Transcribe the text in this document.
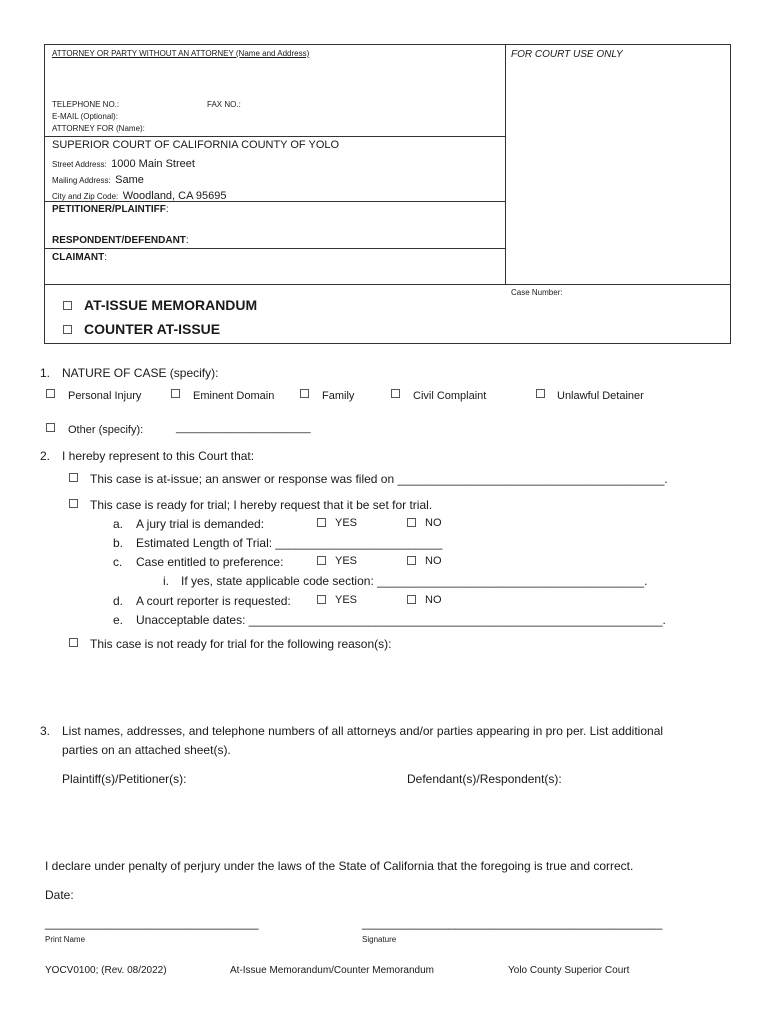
ATTORNEY OR PARTY WITHOUT AN ATTORNEY (Name and Address)	FOR COURT USE ONLY
TELEPHONE NO.:	FAX NO.:
E-MAIL (Optional):
ATTORNEY FOR (Name):
SUPERIOR COURT OF CALIFORNIA COUNTY OF YOLO
Street Address: 1000 Main Street
Mailing Address: Same
City and Zip Code: Woodland, CA 95695
PETITIONER/PLAINTIFF:
RESPONDENT/DEFENDANT:
CLAIMANT:
Case Number:
AT-ISSUE MEMORANDUM
COUNTER AT-ISSUE
1. NATURE OF CASE (specify):
Personal Injury	Eminent Domain	Family	Civil Complaint	Unlawful Detainer
Other (specify):	______________________
2. I hereby represent to this Court that:
This case is at-issue; an answer or response was filed on ________________________________________.
This case is ready for trial; I hereby request that it be set for trial.
a. A jury trial is demanded:	YES	NO
b. Estimated Length of Trial: _________________________
c. Case entitled to preference:	YES	NO
i. If yes, state applicable code section: ________________________________________.
d. A court reporter is requested:	YES	NO
e. Unacceptable dates: ______________________________________________________________.
This case is not ready for trial for the following reason(s):
3. List names, addresses, and telephone numbers of all attorneys and/or parties appearing in pro per. List additional
parties on an attached sheet(s).
Plaintiff(s)/Petitioner(s):	Defendant(s)/Respondent(s):
I declare under penalty of perjury under the laws of the State of California that the foregoing is true and correct.
Date:
________________________________
Print Name
_____________________________________________
Signature
YOCV0100; (Rev. 08/2022)	At-Issue Memorandum/Counter Memorandum	Yolo County Superior Court
